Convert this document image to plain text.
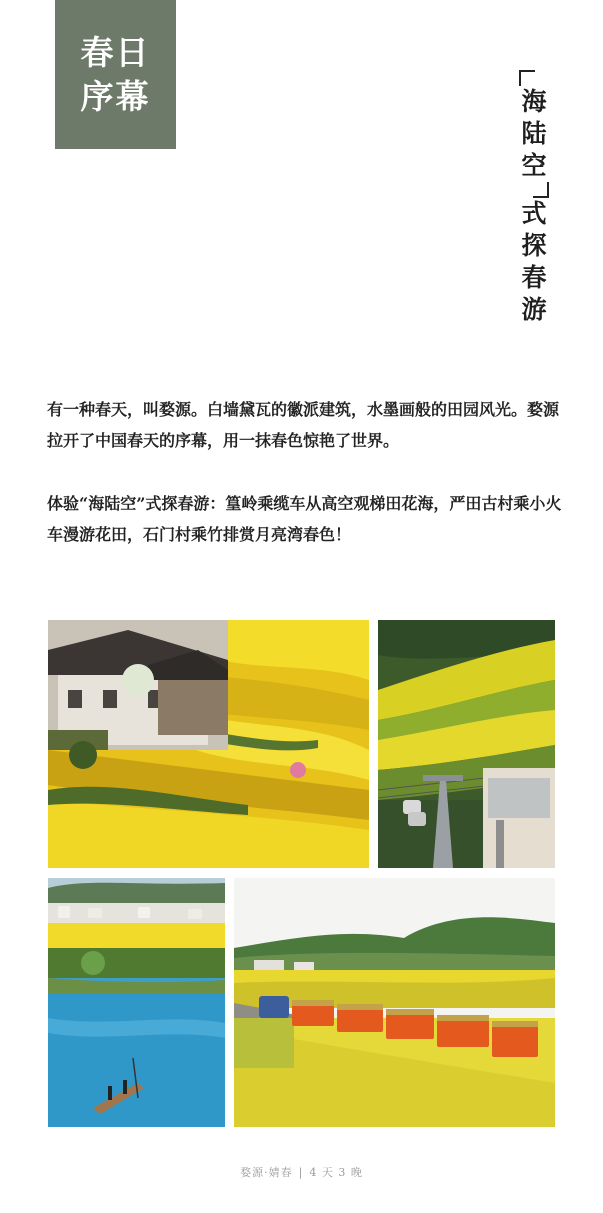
春日
序幕	海
陆
空
式
探
春
游

有一种春天，叫婺源。白墙黛瓦的徽派建筑，水墨画般的田园风光。婺源拉开了中国春天的序幕，用一抹春色惊艳了世界。

体验“海陆空”式探春游：篁岭乘缆车从高空观梯田花海，严田古村乘小火车漫游花田，石门村乘竹排赏月亮湾春色！

婺源·婧春 | 4 天 3 晚
